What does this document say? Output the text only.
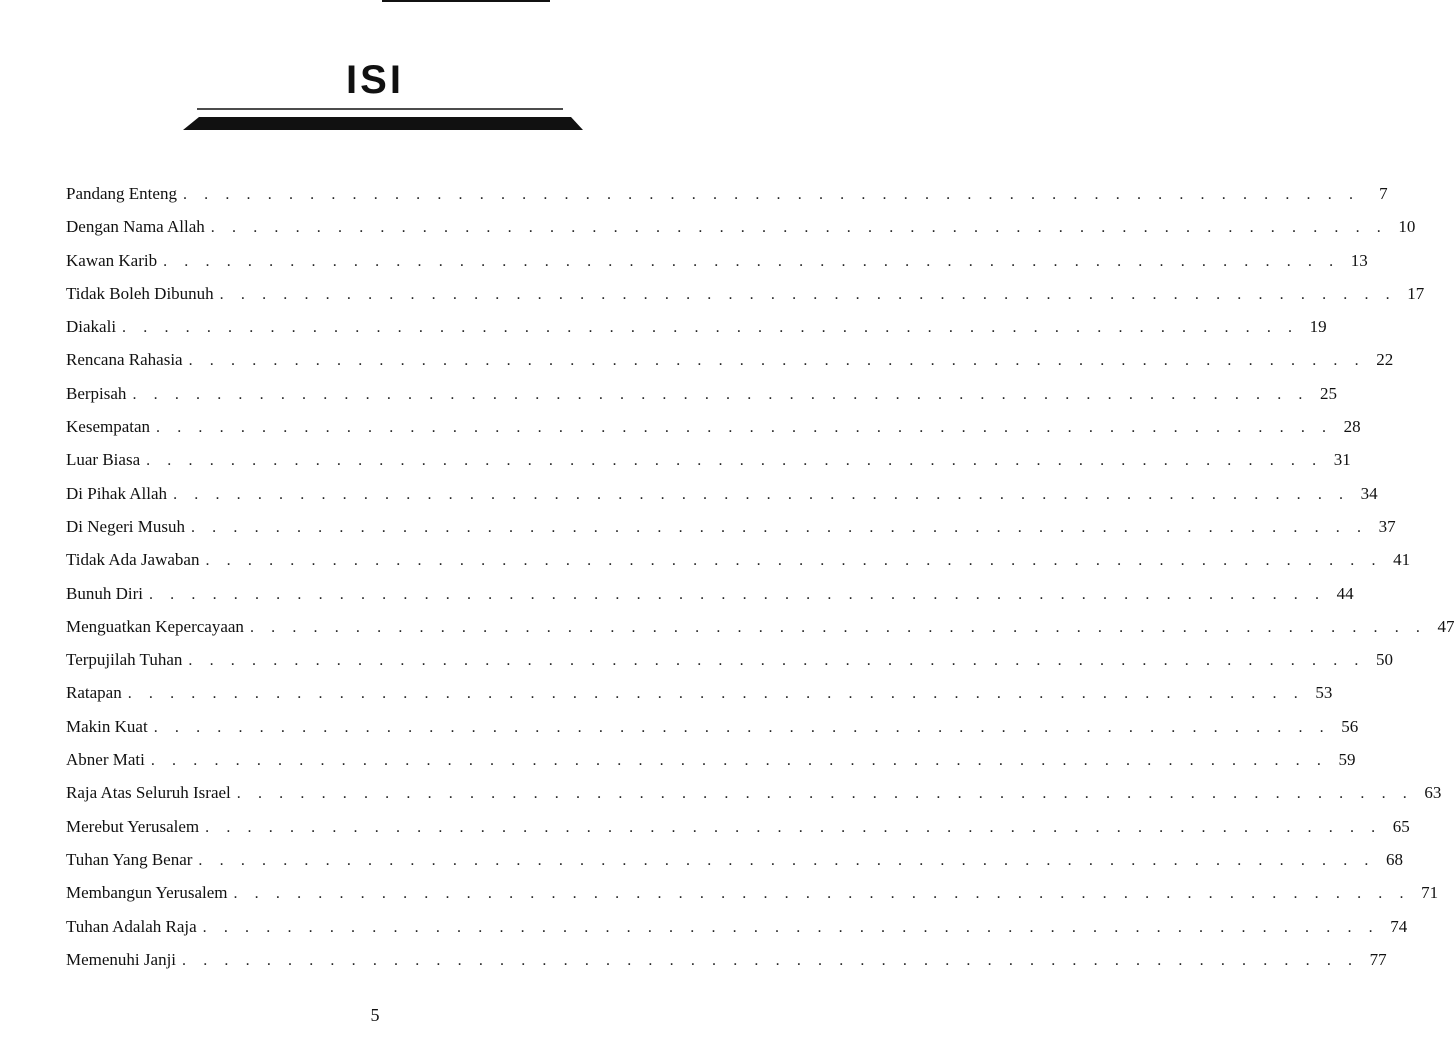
ISI
Pandang Enteng . . . . . . . . . . . . . . . . . . . . . . . . . . . . . . . . . . . . . . . . . . . . . . . . . . . . . . . .	7
Dengan Nama Allah . . . . . . . . . . . . . . . . . . . . . . . . . . . . . . . . . . . . . . . . . . . . . . . . . . . . . . . . 10
Kawan Karib . . . . . . . . . . . . . . . . . . . . . . . . . . . . . . . . . . . . . . . . . . . . . . . . . . . . . . . . 13
Tidak Boleh Dibunuh . . . . . . . . . . . . . . . . . . . . . . . . . . . . . . . . . . . . . . . . . . . . . . . . . . . . . . . . 17
Diakali . . . . . . . . . . . . . . . . . . . . . . . . . . . . . . . . . . . . . . . . . . . . . . . . . . . . . . . . 19
Rencana Rahasia . . . . . . . . . . . . . . . . . . . . . . . . . . . . . . . . . . . . . . . . . . . . . . . . . . . . . . . . 22
Berpisah . . . . . . . . . . . . . . . . . . . . . . . . . . . . . . . . . . . . . . . . . . . . . . . . . . . . . . . . 25
Kesempatan . . . . . . . . . . . . . . . . . . . . . . . . . . . . . . . . . . . . . . . . . . . . . . . . . . . . . . . . 28
Luar Biasa . . . . . . . . . . . . . . . . . . . . . . . . . . . . . . . . . . . . . . . . . . . . . . . . . . . . . . . . 31
Di Pihak Allah . . . . . . . . . . . . . . . . . . . . . . . . . . . . . . . . . . . . . . . . . . . . . . . . . . . . . . . . 34
Di Negeri Musuh . . . . . . . . . . . . . . . . . . . . . . . . . . . . . . . . . . . . . . . . . . . . . . . . . . . . . . . . 37
Tidak Ada Jawaban . . . . . . . . . . . . . . . . . . . . . . . . . . . . . . . . . . . . . . . . . . . . . . . . . . . . . . . . 41
Bunuh Diri . . . . . . . . . . . . . . . . . . . . . . . . . . . . . . . . . . . . . . . . . . . . . . . . . . . . . . . . 44
Menguatkan Kepercayaan . . . . . . . . . . . . . . . . . . . . . . . . . . . . . . . . . . . . . . . . . . . . . . . . . . . . . . . . 47
Terpujilah Tuhan . . . . . . . . . . . . . . . . . . . . . . . . . . . . . . . . . . . . . . . . . . . . . . . . . . . . . . . . 50
Ratapan . . . . . . . . . . . . . . . . . . . . . . . . . . . . . . . . . . . . . . . . . . . . . . . . . . . . . . . . 53
Makin Kuat . . . . . . . . . . . . . . . . . . . . . . . . . . . . . . . . . . . . . . . . . . . . . . . . . . . . . . . . 56
Abner Mati . . . . . . . . . . . . . . . . . . . . . . . . . . . . . . . . . . . . . . . . . . . . . . . . . . . . . . . . 59
Raja Atas Seluruh Israel . . . . . . . . . . . . . . . . . . . . . . . . . . . . . . . . . . . . . . . . . . . . . . . . . . . . . . . . 63
Merebut Yerusalem . . . . . . . . . . . . . . . . . . . . . . . . . . . . . . . . . . . . . . . . . . . . . . . . . . . . . . . . 65
Tuhan Yang Benar . . . . . . . . . . . . . . . . . . . . . . . . . . . . . . . . . . . . . . . . . . . . . . . . . . . . . . . . 68
Membangun Yerusalem . . . . . . . . . . . . . . . . . . . . . . . . . . . . . . . . . . . . . . . . . . . . . . . . . . . . . . . . 71
Tuhan Adalah Raja . . . . . . . . . . . . . . . . . . . . . . . . . . . . . . . . . . . . . . . . . . . . . . . . . . . . . . . . 74
Memenuhi Janji . . . . . . . . . . . . . . . . . . . . . . . . . . . . . . . . . . . . . . . . . . . . . . . . . . . . . . . . 77
5
